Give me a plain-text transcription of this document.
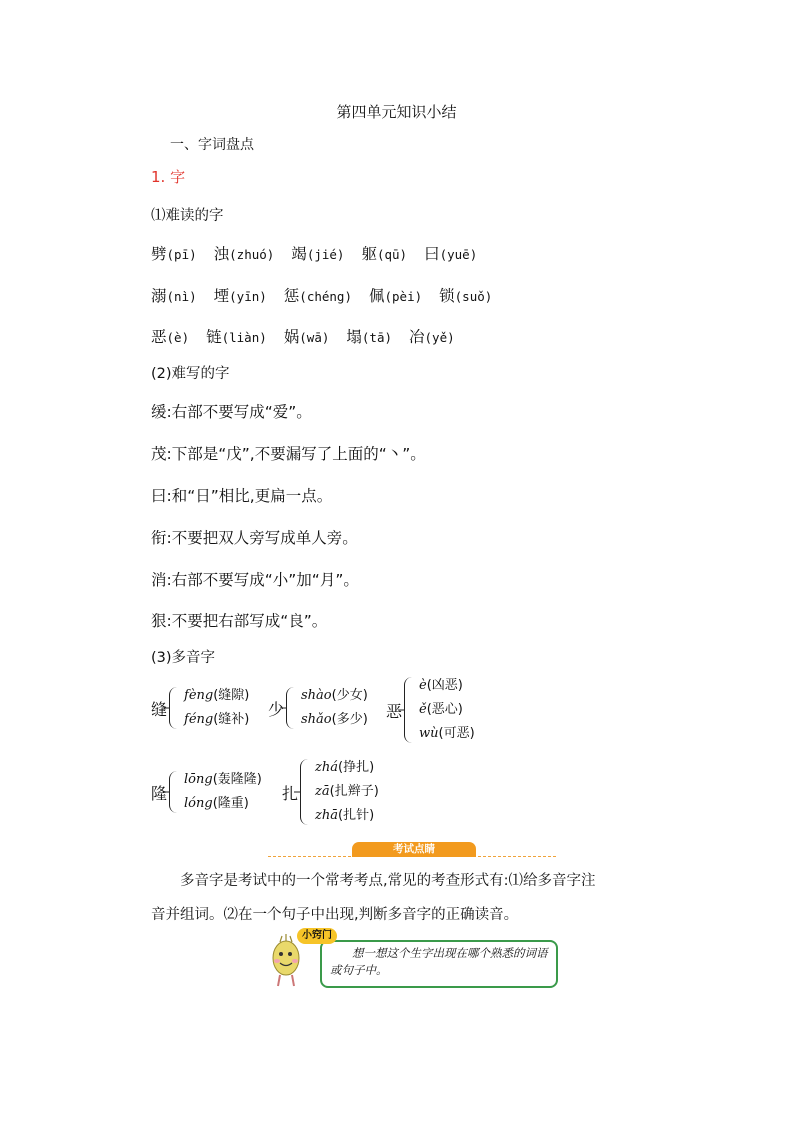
第四单元知识小结
一、字词盘点
1. 字
⑴难读的字
劈(pī) 浊(zhuó) 竭(jié) 躯(qū) 曰(yuē)
溺(nì) 堙(yīn) 惩(chéng) 佩(pèi) 锁(suǒ)
恶(è) 链(liàn) 娲(wā) 塌(tā) 冶(yě)
(2)难写的字
缓:右部不要写成“爱”。
茂:下部是“戊”,不要漏写了上面的“丶”。
曰:和“日”相比,更扁一点。
衔:不要把双人旁写成单人旁。
消:右部不要写成“小”加“月”。
狠:不要把右部写成“良”。
(3)多音字
缝
fèng(缝隙)
féng(缝补)
少
shào(少女)
shǎo(多少) 恶
è(凶恶)
ě(恶心)
wù(可恶)
隆
lōng(轰隆隆)
lóng(隆重)
扎
zhá(挣扎)
zā(扎辫子)
zhā(扎针)
考试点睛
多音字是考试中的一个常考考点,常见的考查形式有:⑴给多音字注音并组词。⑵在一个句子中出现,判断多音字的正确读音。
小窍门
想一想这个生字出现在哪个熟悉的词语或句子中。
